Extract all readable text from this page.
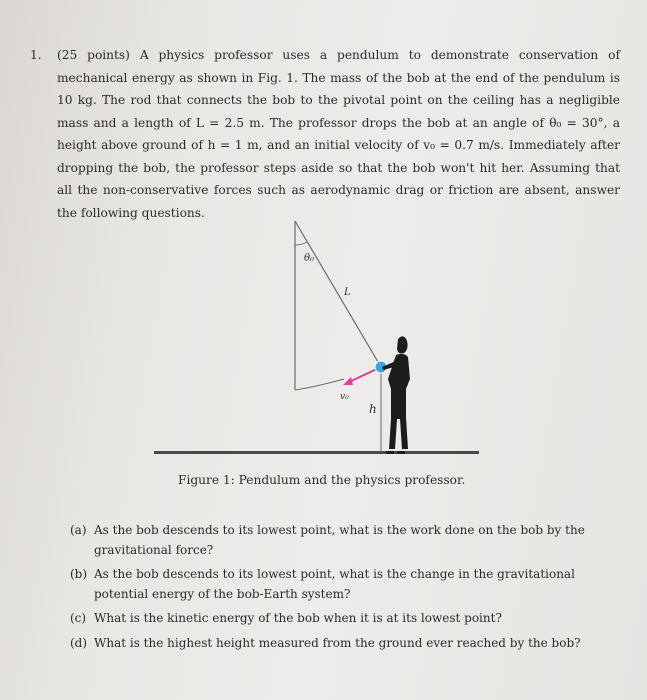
1. (25 points) A physics professor uses a pendulum to demonstrate conservation of mechanical energy as shown in Fig. 1. The mass of the bob at the end of the pendulum is 10 kg. The rod that connects the bob to the pivotal point on the ceiling has a negligible mass and a length of L = 2.5 m. The professor drops the bob at an angle of θ₀ = 30°, a height above ground of h = 1 m, and an initial velocity of v₀ = 0.7 m/s. Immediately after dropping the bob, the professor steps aside so that the bob won't hit her. Assuming that all the non-conservative forces such as aerodynamic drag or friction are absent, answer the following questions.
θ₀
L
v₀
h
Figure 1: Pendulum and the physics professor.
(a) As the bob descends to its lowest point, what is the work done on the bob by the gravitational force?
(b) As the bob descends to its lowest point, what is the change in the gravitational potential energy of the bob-Earth system?
(c) What is the kinetic energy of the bob when it is at its lowest point?
(d) What is the highest height measured from the ground ever reached by the bob?
